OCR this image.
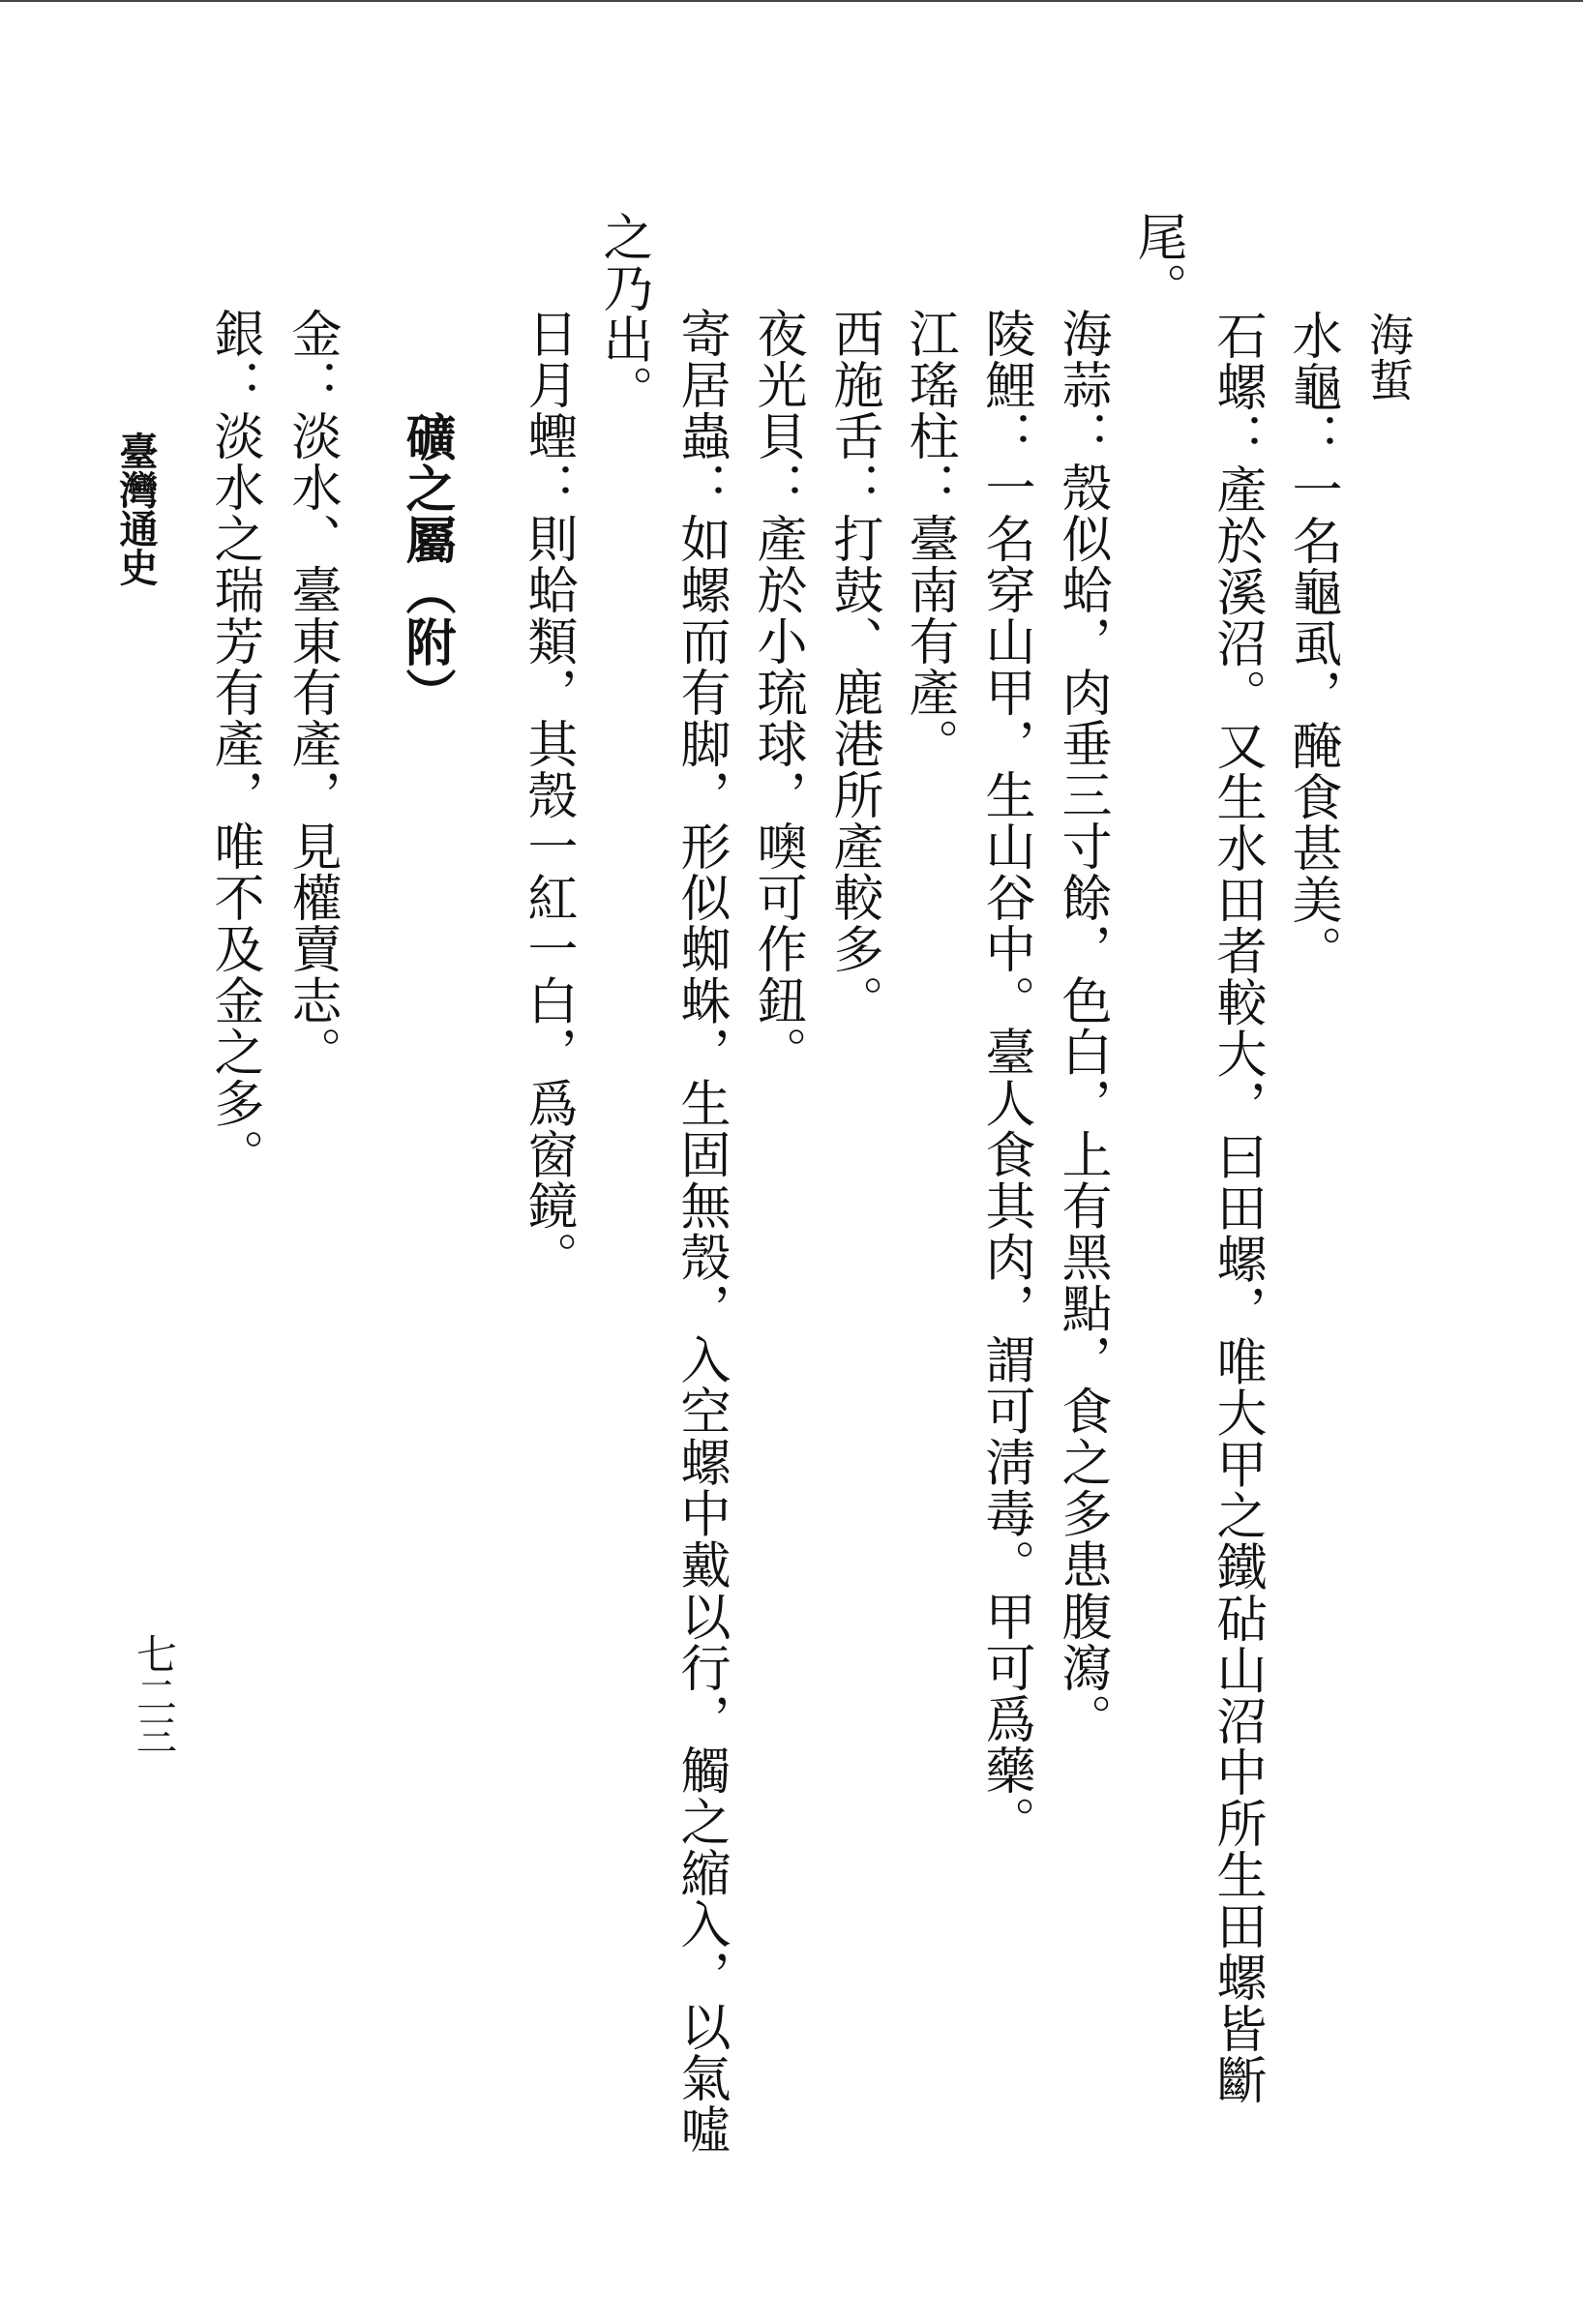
海蜇
水龜：一名龜虱，醃食甚美。
石螺：產於溪沼。又生水田者較大，曰田螺，唯大甲之鐵砧山沼中所生田螺皆斷
尾。
海蒜：殼似蛤，肉垂三寸餘，色白，上有黑點，食之多患腹瀉。
陵鯉：一名穿山甲，生山谷中。臺人食其肉，謂可淸毒。甲可爲藥。
江瑤柱：臺南有產。
西施舌：打鼓、鹿港所產較多。
夜光貝：產於小琉球，噢可作鈕。
寄居蟲：如螺而有脚，形似蜘蛛，生固無殼，入空螺中戴以行，觸之縮入，以氣噓
之乃出。
日月蟶：則蛤類，其殼一紅一白，爲窗鏡。
礦之屬（附）
金：淡水、臺東有產，見權賣志。
銀：淡水之瑞芳有產，唯不及金之多。
臺灣通史
七二三
